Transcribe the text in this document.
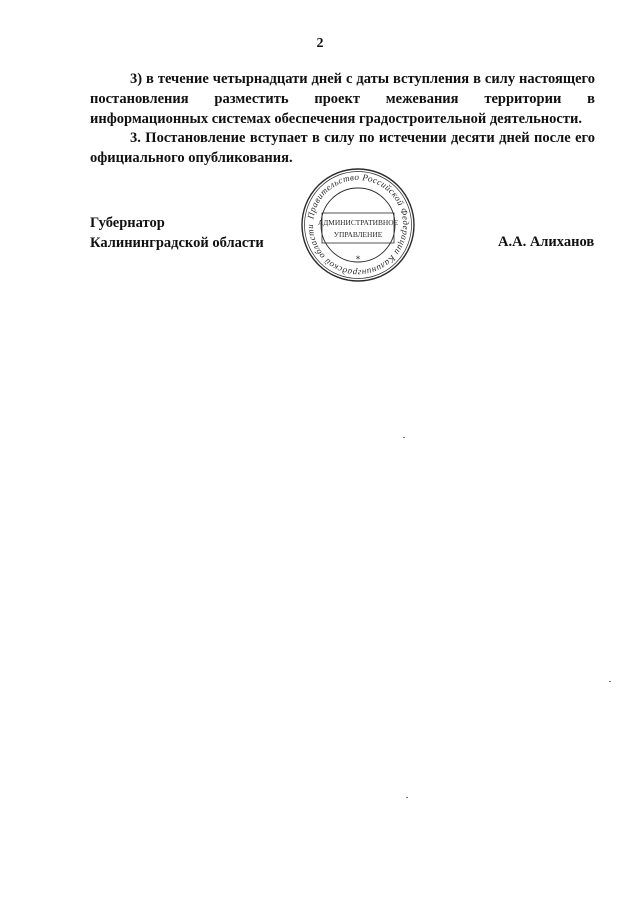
2

3) в течение четырнадцати дней с даты вступления в силу настоящего постановления разместить проект межевания территории в информационных системах обеспечения градостроительной деятельности.

3. Постановление вступает в силу по истечении десяти дней после его официального опубликования.

Губернатор
Калининградской области
Правительство Российской Федерации Калининградской области АДМИНИСТРАТИВНОЕ
УПРАВЛЕНИЕ
*

А.А. Алиханов
